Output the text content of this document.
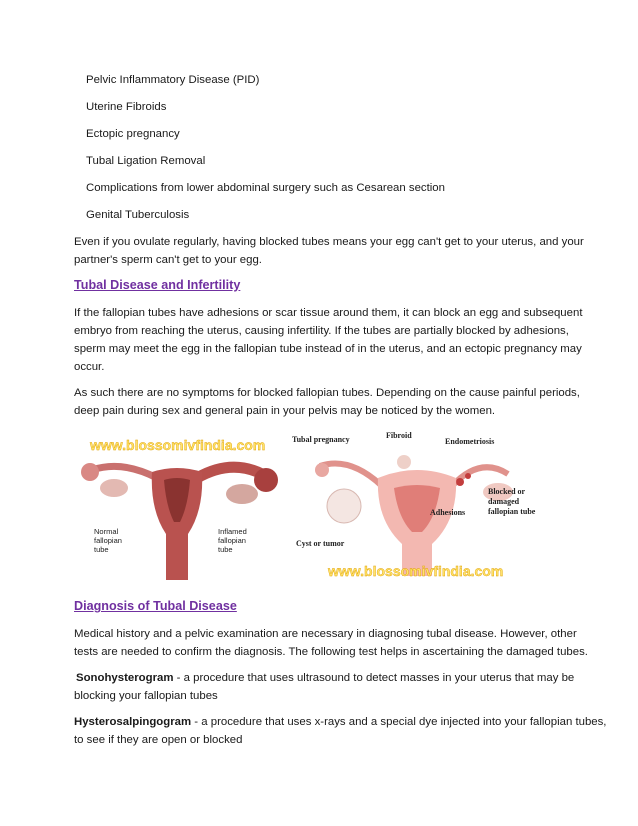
Pelvic Inflammatory Disease (PID)
Uterine Fibroids
Ectopic pregnancy
Tubal Ligation Removal
Complications from lower abdominal surgery such as Cesarean section
Genital Tuberculosis
Even if you ovulate regularly, having blocked tubes means your egg can't get to your uterus, and your
partner's sperm can't get to your egg.
Tubal Disease and Infertility
If the fallopian tubes have adhesions or scar tissue around them, it can block an egg and subsequent
embryo from reaching the uterus, causing infertility. If the tubes are partially blocked by adhesions,
sperm may meet the egg in the fallopian tube instead of in the uterus, and an ectopic pregnancy may
occur.
As such there are no symptoms for blocked fallopian tubes. Depending on the cause painful periods,
deep pain during sex and general pain in your pelvis may be noticed by the women.
Normal
fallopian
tube
Inflamed
fallopian
tube
www.blossomivfindia.com	Tubal pregnancy	Fibroid
Endometriosis
Blocked or
damaged
fallopian tube
Adhesions
Cyst or tumor
www.blossomivfindia.com
Diagnosis of Tubal Disease
Medical history and a pelvic examination are necessary in diagnosing tubal disease. However, other
tests are needed to confirm the diagnosis. The following test helps in ascertaining the damaged tubes.
Sonohysterogram - a procedure that uses ultrasound to detect masses in your uterus that may be
blocking your fallopian tubes
Hysterosalpingogram - a procedure that uses x-rays and a special dye injected into your fallopian tubes,
to see if they are open or blocked
